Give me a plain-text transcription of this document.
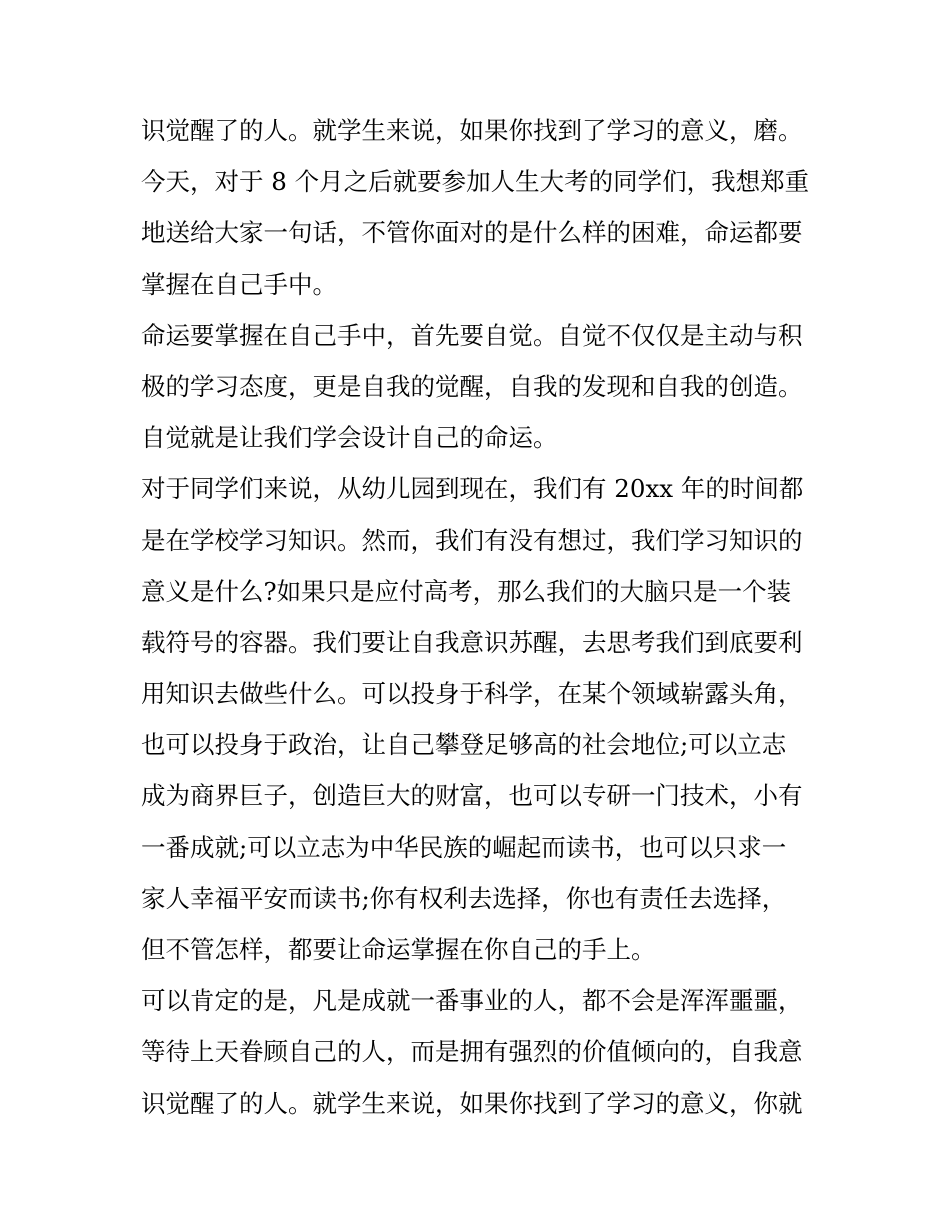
识觉醒了的人。就学生来说，如果你找到了学习的意义，磨。
今天，对于 8 个月之后就要参加人生大考的同学们，我想郑重
地送给大家一句话，不管你面对的是什么样的困难，命运都要
掌握在自己手中。
命运要掌握在自己手中，首先要自觉。自觉不仅仅是主动与积
极的学习态度，更是自我的觉醒，自我的发现和自我的创造。
自觉就是让我们学会设计自己的命运。
对于同学们来说，从幼儿园到现在，我们有 20xx 年的时间都
是在学校学习知识。然而，我们有没有想过，我们学习知识的
意义是什么?如果只是应付高考，那么我们的大脑只是一个装
载符号的容器。我们要让自我意识苏醒，去思考我们到底要利
用知识去做些什么。可以投身于科学，在某个领域崭露头角，
也可以投身于政治，让自己攀登足够高的社会地位;可以立志
成为商界巨子，创造巨大的财富，也可以专研一门技术，小有
一番成就;可以立志为中华民族的崛起而读书，也可以只求一
家人幸福平安而读书;你有权利去选择，你也有责任去选择，
但不管怎样，都要让命运掌握在你自己的手上。
可以肯定的是，凡是成就一番事业的人，都不会是浑浑噩噩，
等待上天眷顾自己的人，而是拥有强烈的价值倾向的，自我意
识觉醒了的人。就学生来说，如果你找到了学习的意义，你就
